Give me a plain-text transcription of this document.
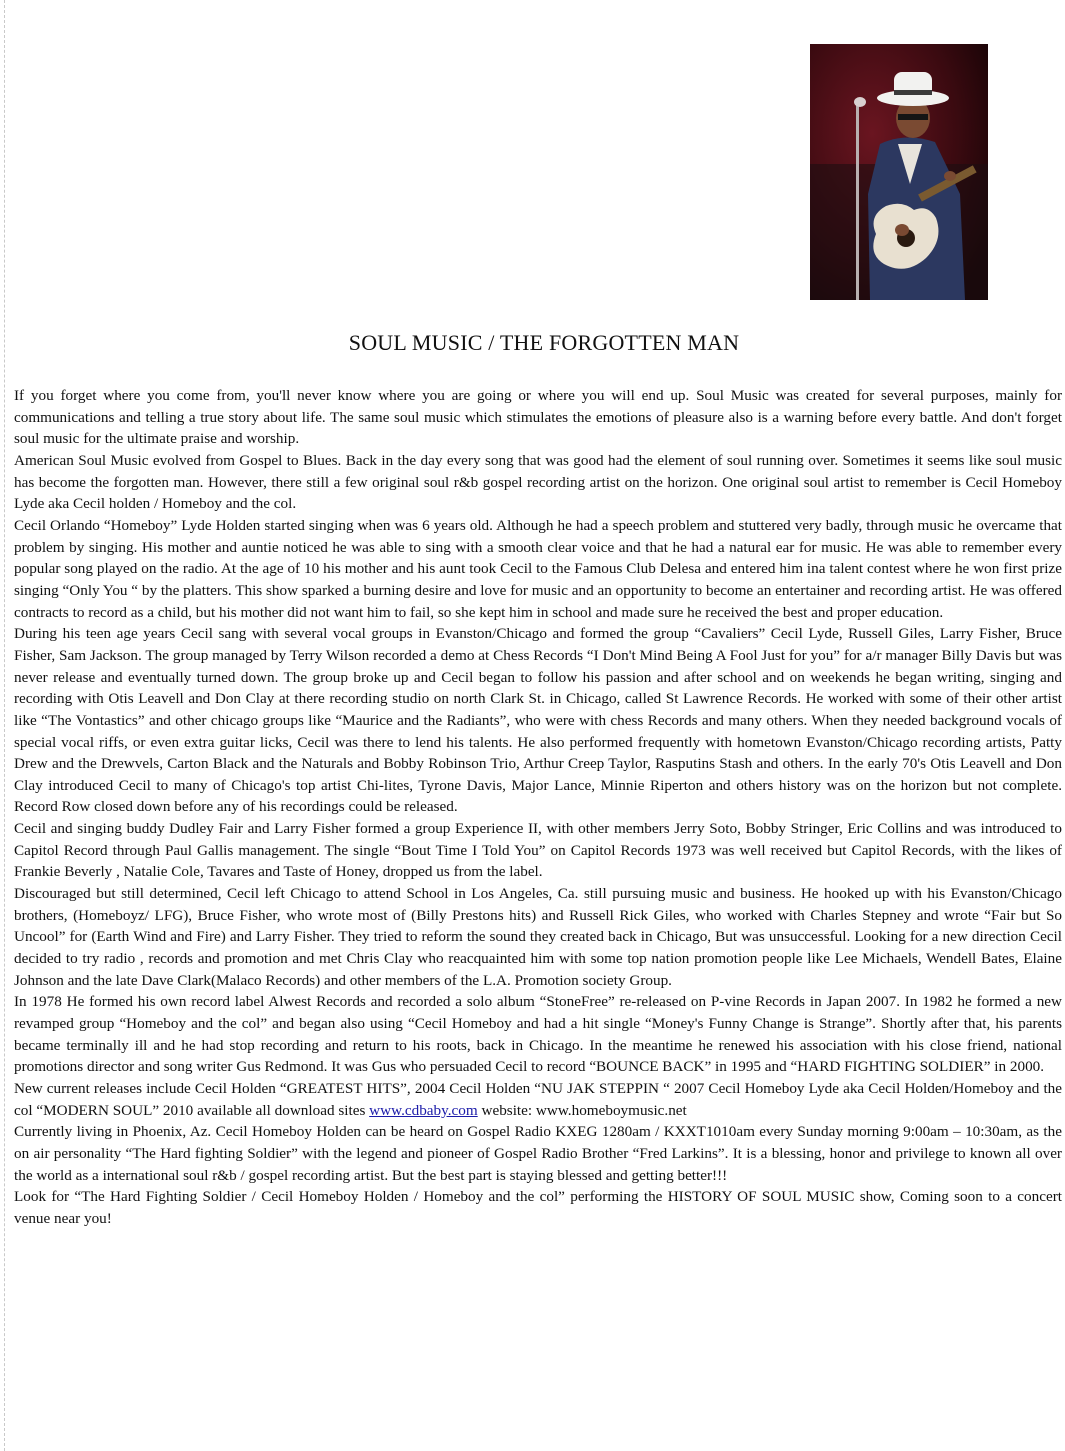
SOUL MUSIC / THE FORGOTTEN MAN

If you forget where you come from, you'll never know where you are going or where you will end up. Soul Music was created for several purposes, mainly for communications and telling a true story about life. The same soul music which stimulates the emotions of pleasure also is a warning before every battle. And don't forget soul music for the ultimate praise and worship.

American Soul Music evolved from Gospel to Blues. Back in the day every song that was good had the element of soul running over. Sometimes it seems like soul music has become the forgotten man. However, there still a few original soul r&b gospel recording artist on the horizon. One original soul artist to remember is Cecil Homeboy Lyde aka Cecil holden / Homeboy and the col.

Cecil Orlando “Homeboy” Lyde Holden started singing when was 6 years old. Although he had a speech problem and stuttered very badly, through music he overcame that problem by singing. His mother and auntie noticed he was able to sing with a smooth clear voice and that he had a natural ear for music. He was able to remember every popular song played on the radio. At the age of 10 his mother and his aunt took Cecil to the Famous Club Delesa and entered him ina talent contest where he won first prize singing “Only You “ by the platters. This show sparked a burning desire and love for music and an opportunity to become an entertainer and recording artist. He was offered contracts to record as a child, but his mother did not want him to fail, so she kept him in school and made sure he received the best and proper education.

During his teen age years Cecil sang with several vocal groups in Evanston/Chicago and formed the group “Cavaliers” Cecil Lyde, Russell Giles, Larry Fisher, Bruce Fisher, Sam Jackson. The group managed by Terry Wilson recorded a demo at Chess Records “I Don't Mind Being A Fool Just for you” for a/r manager Billy Davis but was never release and eventually turned down. The group broke up and Cecil began to follow his passion and after school and on weekends he began writing, singing and recording with Otis Leavell and Don Clay at there recording studio on north Clark St. in Chicago, called St Lawrence Records. He worked with some of their other artist like “The Vontastics” and other chicago groups like “Maurice and the Radiants”, who were with chess Records and many others. When they needed background vocals of special vocal riffs, or even extra guitar licks, Cecil was there to lend his talents. He also performed frequently with hometown Evanston/Chicago recording artists, Patty Drew and the Drewvels, Carton Black and the Naturals and Bobby Robinson Trio, Arthur Creep Taylor, Rasputins Stash and others. In the early 70's Otis Leavell and Don Clay introduced Cecil to many of Chicago's top artist Chi-lites, Tyrone Davis, Major Lance, Minnie Riperton and others history was on the horizon but not complete. Record Row closed down before any of his recordings could be released.

Cecil and singing buddy Dudley Fair and Larry Fisher formed a group Experience II, with other members Jerry Soto, Bobby Stringer, Eric Collins and was introduced to Capitol Record through Paul Gallis management. The single “Bout Time I Told You” on Capitol Records 1973 was well received but Capitol Records, with the likes of Frankie Beverly , Natalie Cole, Tavares and Taste of Honey, dropped us from the label.

Discouraged but still determined, Cecil left Chicago to attend School in Los Angeles, Ca. still pursuing music and business. He hooked up with his Evanston/Chicago brothers, (Homeboyz/ LFG), Bruce Fisher, who wrote most of (Billy Prestons hits) and Russell Rick Giles, who worked with Charles Stepney and wrote “Fair but So Uncool” for (Earth Wind and Fire) and Larry Fisher. They tried to reform the sound they created back in Chicago, But was unsuccessful. Looking for a new direction Cecil decided to try radio , records and promotion and met Chris Clay who reacquainted him with some top nation promotion people like Lee Michaels, Wendell Bates, Elaine Johnson and the late Dave Clark(Malaco Records) and other members of the L.A. Promotion society Group.

In 1978 He formed his own record label Alwest Records and recorded a solo album “StoneFree” re-released on P-vine Records in Japan 2007. In 1982 he formed a new revamped group “Homeboy and the col” and began also using “Cecil Homeboy and had a hit single “Money's Funny Change is Strange”. Shortly after that, his parents became terminally ill and he had stop recording and return to his roots, back in Chicago. In the meantime he renewed his association with his close friend, national promotions director and song writer Gus Redmond. It was Gus who persuaded Cecil to record “BOUNCE BACK” in 1995 and “HARD FIGHTING SOLDIER” in 2000.

New current releases include Cecil Holden “GREATEST HITS”, 2004 Cecil Holden “NU JAK STEPPIN “ 2007 Cecil Homeboy Lyde aka Cecil Holden/Homeboy and the col “MODERN SOUL” 2010 available all download sites www.cdbaby.com website: www.homeboymusic.net

Currently living in Phoenix, Az. Cecil Homeboy Holden can be heard on Gospel Radio KXEG 1280am / KXXT1010am every Sunday morning 9:00am – 10:30am, as the on air personality “The Hard fighting Soldier” with the legend and pioneer of Gospel Radio Brother “Fred Larkins”. It is a blessing, honor and privilege to known all over the world as a international soul r&b / gospel recording artist. But the best part is staying blessed and getting better!!!

Look for “The Hard Fighting Soldier / Cecil Homeboy Holden / Homeboy and the col” performing the HISTORY OF SOUL MUSIC show, Coming soon to a concert venue near you!
